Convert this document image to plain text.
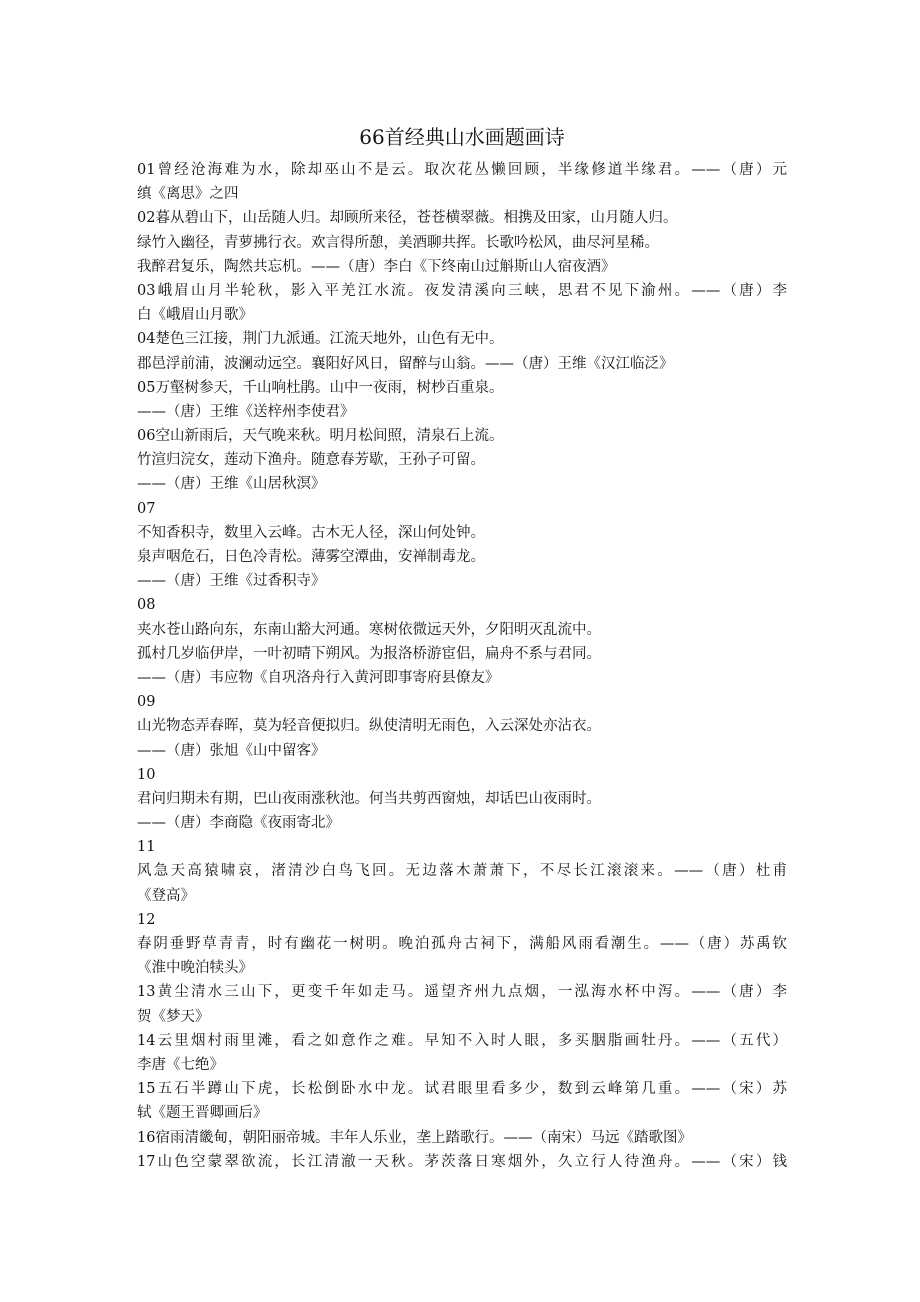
66首经典山水画题画诗
01曾经沧海难为水，除却巫山不是云。取次花丛懒回顾，半缘修道半缘君。——（唐）元
缜《离思》之四
02暮从碧山下，山岳随人归。却顾所来径，苍苍横翠薇。相携及田家，山月随人归。
绿竹入幽径，青萝拂行衣。欢言得所憩，美酒聊共挥。长歌吟松风，曲尽河星稀。
我醉君复乐，陶然共忘机。——（唐）李白《下终南山过斛斯山人宿夜酒》
03峨眉山月半轮秋，影入平羌江水流。夜发清溪向三峡，思君不见下渝州。——（唐）李
白《峨眉山月歌》
04楚色三江接，荆门九派通。江流天地外，山色有无中。
郡邑浮前浦，波澜动远空。襄阳好风日，留醉与山翁。——（唐）王维《汉江临泛》
05万壑树参天，千山响杜鹃。山中一夜雨，树杪百重泉。
——（唐）王维《送梓州李使君》
06空山新雨后，天气晚来秋。明月松间照，清泉石上流。
竹渲归浣女，莲动下渔舟。随意春芳歇，王孙子可留。
——（唐）王维《山居秋溟》
07
不知香积寺，数里入云峰。古木无人径，深山何处钟。
泉声咽危石，日色冷青松。薄雾空潭曲，安禅制毒龙。
——（唐）王维《过香积寺》
08
夹水苍山路向东，东南山豁大河通。寒树依微远天外，夕阳明灭乱流中。
孤村几岁临伊岸，一叶初晴下朔风。为报洛桥游宦侣，扁舟不系与君同。
——（唐）韦应物《自巩洛舟行入黄河即事寄府县僚友》
09
山光物态弄春晖，莫为轻音便拟归。纵使清明无雨色，入云深处亦沾衣。
——（唐）张旭《山中留客》
10
君问归期未有期，巴山夜雨涨秋池。何当共剪西窗烛，却话巴山夜雨时。
——（唐）李商隐《夜雨寄北》
11
风急天高猿啸哀，渚清沙白鸟飞回。无边落木萧萧下，不尽长江滚滚来。——（唐）杜甫
《登高》
12
春阴垂野草青青，时有幽花一树明。晚泊孤舟古祠下，满船风雨看潮生。——（唐）苏禹钦
《淮中晚泊犊头》
13黄尘清水三山下，更变千年如走马。遥望齐州九点烟，一泓海水杯中泻。——（唐）李
贺《梦天》
14云里烟村雨里滩，看之如意作之难。早知不入时人眼，多买胭脂画牡丹。——（五代）
李唐《七绝》
15五石半蹲山下虎，长松倒卧水中龙。试君眼里看多少，数到云峰第几重。——（宋）苏
轼《题王晋卿画后》
16宿雨清畿甸，朝阳丽帝城。丰年人乐业，垄上踏歌行。——（南宋）马远《踏歌图》
17山色空蒙翠欲流，长江清澈一天秋。茅茨落日寒烟外，久立行人待渔舟。——（宋）钱
